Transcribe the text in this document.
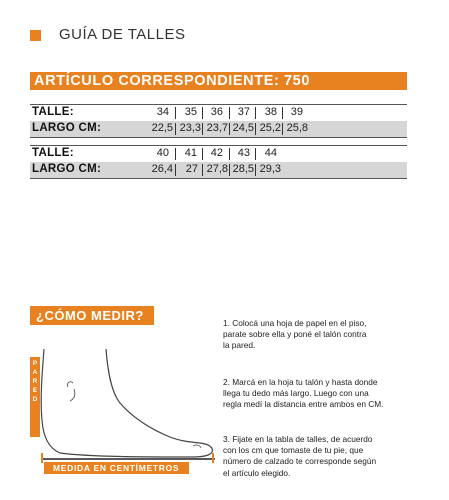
GUÍA DE TALLES
ARTÍCULO CORRESPONDIENTE: 750
TALLE:	34	35	36	37	38	39
LARGO CM:	22,5 23,3 23,7 24,5 25,2 25,8
TALLE:	40	41	42	43	44
LARGO CM:	26,4	27 27,8 28,5 29,3
¿CÓMO MEDIR?
P
A
R
E
D
MEDIDA EN CENTÍMETROS
1. Colocá una hoja de papel en el piso,
parate sobre ella y poné el talón contra
la pared.
2. Marcá en la hoja tu talón y hasta donde
llega tu dedo más largo. Luego con una
regla medí la distancia entre ambos en CM.
3. Fijate en la tabla de talles, de acuerdo
con los cm que tomaste de tu pie, que
número de calzado te corresponde según
el artículo elegido.
